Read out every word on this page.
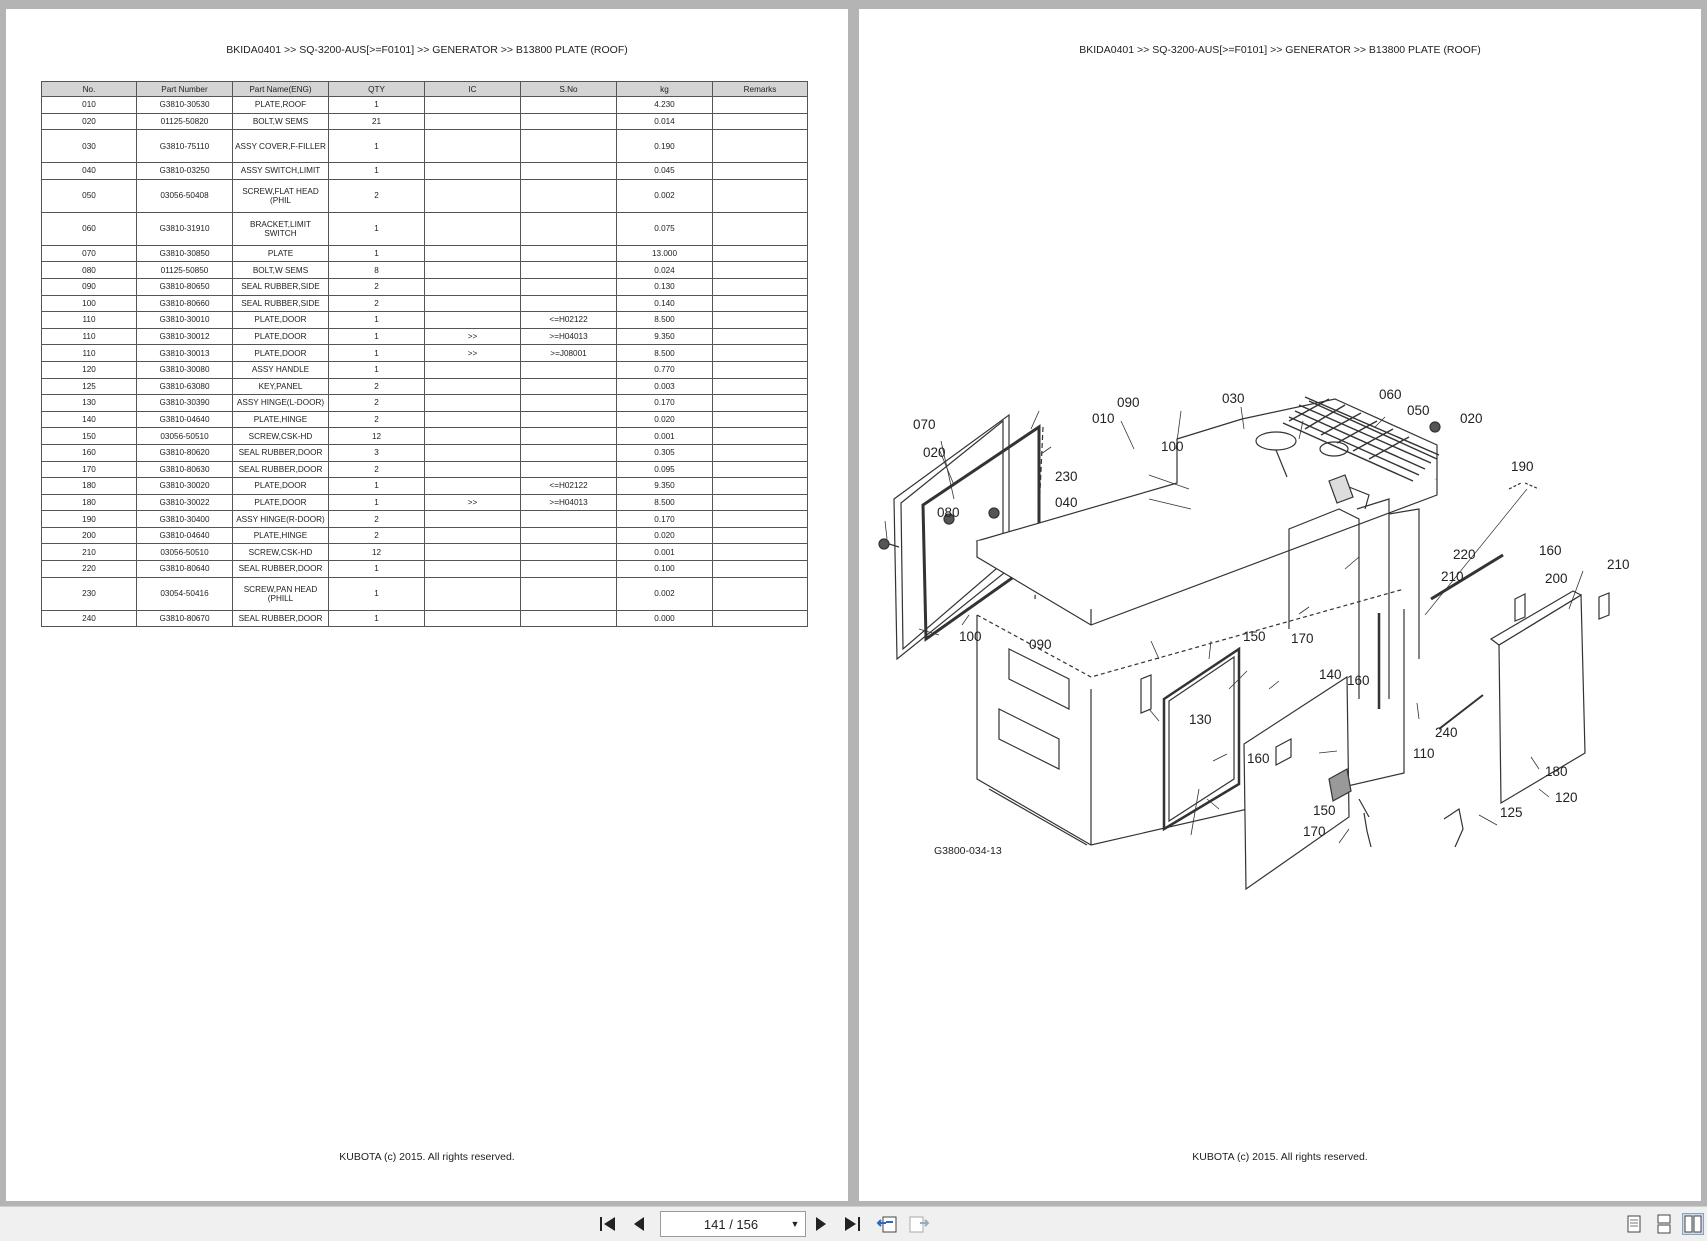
BKIDA0401 >> SQ-3200-AUS[>=F0101] >> GENERATOR >> B13800 PLATE (ROOF)
No.	Part Number	Part Name(ENG)	QTY	IC	S.No	kg	Remarks
010	G3810-30530	PLATE,ROOF	1			4.230	
020	01125-50820	BOLT,W SEMS	21			0.014	
030	G3810-75110	ASSY COVER,F-FILLER	1			0.190	
040	G3810-03250	ASSY SWITCH,LIMIT	1			0.045	
050	03056-50408	SCREW,FLAT HEAD (PHIL	2			0.002	
060	G3810-31910	BRACKET,LIMIT SWITCH	1			0.075	
070	G3810-30850	PLATE	1			13.000	
080	01125-50850	BOLT,W SEMS	8			0.024	
090	G3810-80650	SEAL RUBBER,SIDE	2			0.130	
100	G3810-80660	SEAL RUBBER,SIDE	2			0.140	
110	G3810-30010	PLATE,DOOR	1		<=H02122	8.500	
110	G3810-30012	PLATE,DOOR	1	>>	>=H04013	9.350	
110	G3810-30013	PLATE,DOOR	1	>>	>=J08001	8.500	
120	G3810-30080	ASSY HANDLE	1			0.770	
125	G3810-63080	KEY,PANEL	2			0.003	
130	G3810-30390	ASSY HINGE(L-DOOR)	2			0.170	
140	G3810-04640	PLATE,HINGE	2			0.020	
150	03056-50510	SCREW,CSK-HD	12			0.001	
160	G3810-80620	SEAL RUBBER,DOOR	3			0.305	
170	G3810-80630	SEAL RUBBER,DOOR	2			0.095	
180	G3810-30020	PLATE,DOOR	1		<=H02122	9.350	
180	G3810-30022	PLATE,DOOR	1	>>	>=H04013	8.500	
190	G3810-30400	ASSY HINGE(R-DOOR)	2			0.170	
200	G3810-04640	PLATE,HINGE	2			0.020	
210	03056-50510	SCREW,CSK-HD	12			0.001	
220	G3810-80640	SEAL RUBBER,DOOR	1			0.100	
230	03054-50416	SCREW,PAN HEAD (PHILL	1			0.002	
240	G3810-80670	SEAL RUBBER,DOOR	1			0.000	
KUBOTA (c) 2015. All rights reserved.
BKIDA0401 >> SQ-3200-AUS[>=F0101] >> GENERATOR >> B13800 PLATE (ROOF)
070
090
010
030	060
050
020
100
020
230
040
080
190
220	160
210	200
210
100
090
150 170
140 160
130
240
110
160
180
120
150	125
170
G3800-034-13
KUBOTA (c) 2015. All rights reserved.
141 / 156	▼
